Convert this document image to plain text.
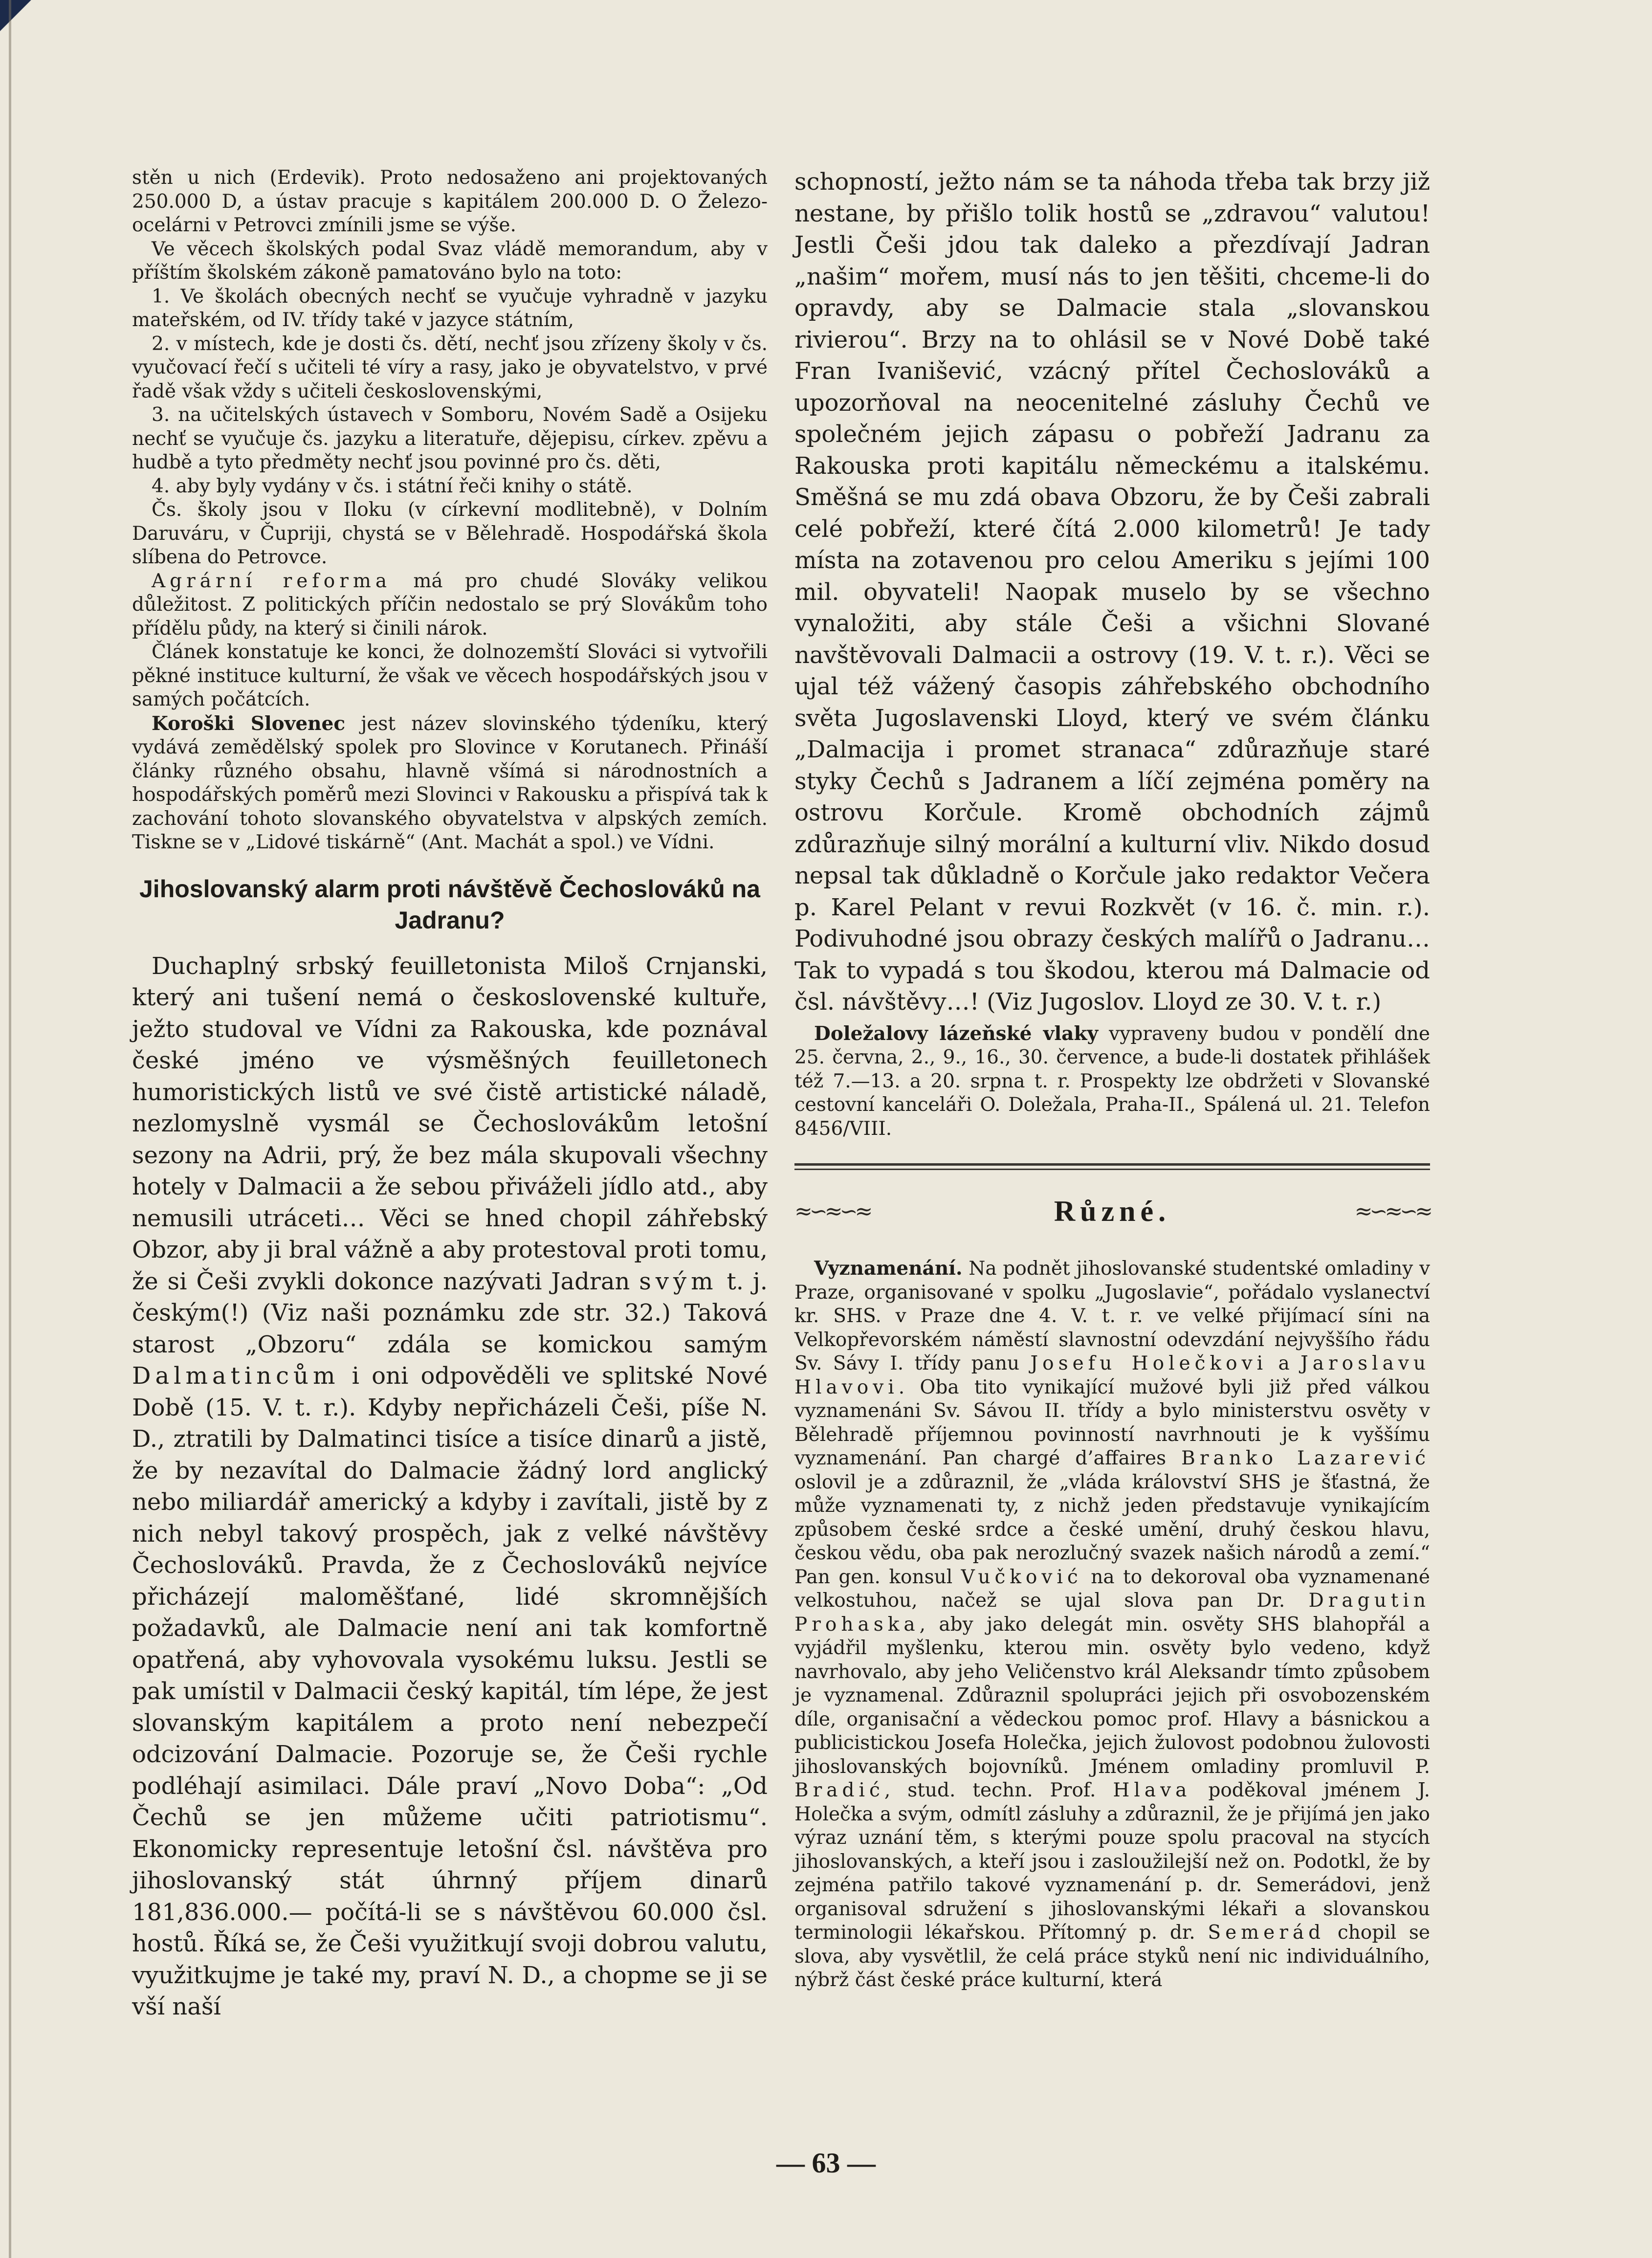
stěn u nich (Erdevik). Proto nedosaženo ani projektovaných 250.000 D, a ústav pracuje s kapitálem 200.000 D. O Železo-ocelárni v Petrovci zmínili jsme se výše.

Ve věcech školských podal Svaz vládě memorandum, aby v příštím školském zákoně pamatováno bylo na toto:

1. Ve školách obecných nechť se vyučuje vyhradně v jazyku mateřském, od IV. třídy také v jazyce státním,

2. v místech, kde je dosti čs. dětí, nechť jsou zřízeny školy v čs. vyučovací řečí s učiteli té víry a rasy, jako je obyvatelstvo, v prvé řadě však vždy s učiteli československými,

3. na učitelských ústavech v Somboru, Novém Sadě a Osijeku nechť se vyučuje čs. jazyku a literatuře, dějepisu, církev. zpěvu a hudbě a tyto předměty nechť jsou povinné pro čs. děti,

4. aby byly vydány v čs. i státní řeči knihy o státě.

Čs. školy jsou v Iloku (v církevní modlitebně), v Dolním Daruváru, v Čupriji, chystá se v Bělehradě. Hospodářská škola slíbena do Petrovce.

Agrární reforma má pro chudé Slováky velikou důležitost. Z politických příčin nedostalo se prý Slovákům toho přídělu půdy, na který si činili nárok.

Článek konstatuje ke konci, že dolnozemští Slováci si vytvořili pěkné instituce kulturní, že však ve věcech hospodářských jsou v samých počátcích.

Koroški Slovenec jest název slovinského týdeníku, který vydává zemědělský spolek pro Slovince v Korutanech. Přináší články různého obsahu, hlavně všímá si národnostních a hospodářských poměrů mezi Slovinci v Rakousku a přispívá tak k zachování tohoto slovanského obyvatelstva v alpských zemích. Tiskne se v „Lidové tiskárně“ (Ant. Machát a spol.) ve Vídni.

Jihoslovanský alarm proti návštěvě Čechoslováků na Jadranu?

Duchaplný srbský feuilletonista Miloš Crnjanski, který ani tušení nemá o československé kultuře, ježto studoval ve Vídni za Rakouska, kde poznával české jméno ve výsměšných feuilletonech humoristických listů ve své čistě artistické náladě, nezlomyslně vysmál se Čechoslovákům letošní sezony na Adrii, prý, že bez mála skupovali všechny hotely v Dalmacii a že sebou přiváželi jídlo atd., aby nemusili utráceti… Věci se hned chopil záhřebský Obzor, aby ji bral vážně a aby protestoval proti tomu, že si Češi zvykli dokonce nazývati Jadran svým t. j. českým(!) (Viz naši poznámku zde str. 32.) Taková starost „Obzoru“ zdála se komickou samým Dalmatincům i oni odpověděli ve splitské Nové Době (15. V. t. r.). Kdyby nepřicházeli Češi, píše N. D., ztratili by Dalmatinci tisíce a tisíce dinarů a jistě, že by nezavítal do Dalmacie žádný lord anglický nebo miliardář americký a kdyby i zavítali, jistě by z nich nebyl takový prospěch, jak z velké návštěvy Čechoslováků. Pravda, že z Čechoslováků nejvíce přicházejí maloměšťané, lidé skromnějších požadavků, ale Dalmacie není ani tak komfortně opatřená, aby vyhovovala vysokému luksu. Jestli se pak umístil v Dalmacii český kapitál, tím lépe, že jest slovanským kapitálem a proto není nebezpečí odcizování Dalmacie. Pozoruje se, že Češi rychle podléhají asimilaci. Dále praví „Novo Doba“: „Od Čechů se jen můžeme učiti patriotismu“. Ekonomicky representuje letošní čsl. návštěva pro jihoslovanský stát úhrnný příjem dinarů 181,836.000.— počítá-li se s návštěvou 60.000 čsl. hostů. Říká se, že Češi využitkují svoji dobrou valutu, využitkujme je také my, praví N. D., a chopme se ji se vší naší

schopností, ježto nám se ta náhoda třeba tak brzy již nestane, by přišlo tolik hostů se „zdravou“ valutou! Jestli Češi jdou tak daleko a přezdívají Jadran „našim“ mořem, musí nás to jen těšiti, chceme-li do opravdy, aby se Dalmacie stala „slovanskou rivierou“. Brzy na to ohlásil se v Nové Době také Fran Ivanišević, vzácný přítel Čechoslováků a upozorňoval na neocenitelné zásluhy Čechů ve společném jejich zápasu o pobřeží Jadranu za Rakouska proti kapitálu německému a italskému. Směšná se mu zdá obava Obzoru, že by Češi zabrali celé pobřeží, které čítá 2.000 kilometrů! Je tady místa na zotavenou pro celou Ameriku s jejími 100 mil. obyvateli! Naopak muselo by se všechno vynaložiti, aby stále Češi a všichni Slované navštěvovali Dalmacii a ostrovy (19. V. t. r.). Věci se ujal též vážený časopis záhřebského obchodního světa Jugoslavenski Lloyd, který ve svém článku „Dalmacija i promet stranaca“ zdůrazňuje staré styky Čechů s Jadranem a líčí zejména poměry na ostrovu Korčule. Kromě obchodních zájmů zdůrazňuje silný morální a kulturní vliv. Nikdo dosud nepsal tak důkladně o Korčule jako redaktor Večera p. Karel Pelant v revui Rozkvět (v 16. č. min. r.). Podivuhodné jsou obrazy českých malířů o Jadranu… Tak to vypadá s tou škodou, kterou má Dalmacie od čsl. návštěvy…! (Viz Jugoslov. Lloyd ze 30. V. t. r.)

Doležalovy lázeňské vlaky vypraveny budou v pondělí dne 25. června, 2., 9., 16., 30. července, a bude-li dostatek přihlášek též 7.—13. a 20. srpna t. r. Prospekty lze obdržeti v Slovanské cestovní kanceláři O. Doležala, Praha-II., Spálená ul. 21. Telefon 8456/VIII.

≈∽≈∽≈	Různé.	≈∽≈∽≈

Vyznamenání. Na podnět jihoslovanské studentské omladiny v Praze, organisované v spolku „Jugoslavie“, pořádalo vyslanectví kr. SHS. v Praze dne 4. V. t. r. ve velké přijímací síni na Velkopřevorském náměstí slavnostní odevzdání nejvyššího řádu Sv. Sávy I. třídy panu Josefu Holečkovi a Jaroslavu Hlavovi. Oba tito vynikající mužové byli již před válkou vyznamenáni Sv. Sávou II. třídy a bylo ministerstvu osvěty v Bělehradě příjemnou povinností navrhnouti je k vyššímu vyznamenání. Pan chargé d’affaires Branko Lazarević oslovil je a zdůraznil, že „vláda království SHS je šťastná, že může vyznamenati ty, z nichž jeden představuje vynikajícím způsobem české srdce a české umění, druhý českou hlavu, českou vědu, oba pak nerozlučný svazek našich národů a zemí.“ Pan gen. konsul Vučković na to dekoroval oba vyznamenané velkostuhou, načež se ujal slova pan Dr. Dragutin Prohaska, aby jako delegát min. osvěty SHS blahopřál a vyjádřil myšlenku, kterou min. osvěty bylo vedeno, když navrhovalo, aby jeho Veličenstvo král Aleksandr tímto způsobem je vyznamenal. Zdůraznil spolupráci jejich při osvobozenském díle, organisační a vědeckou pomoc prof. Hlavy a básnickou a publicistickou Josefa Holečka, jejich žulovost podobnou žulovosti jihoslovanských bojovníků. Jménem omladiny promluvil P. Bradić, stud. techn. Prof. Hlava poděkoval jménem J. Holečka a svým, odmítl zásluhy a zdůraznil, že je přijímá jen jako výraz uznání těm, s kterými pouze spolu pracoval na stycích jihoslovanských, a kteří jsou i zasloužilejší než on. Podotkl, že by zejména patřilo takové vyznamenání p. dr. Semerádovi, jenž organisoval sdružení s jihoslovanskými lékaři a slovanskou terminologii lékařskou. Přítomný p. dr. Semerád chopil se slova, aby vysvětlil, že celá práce styků není nic individuálního, nýbrž část české práce kulturní, která

— 63 —
